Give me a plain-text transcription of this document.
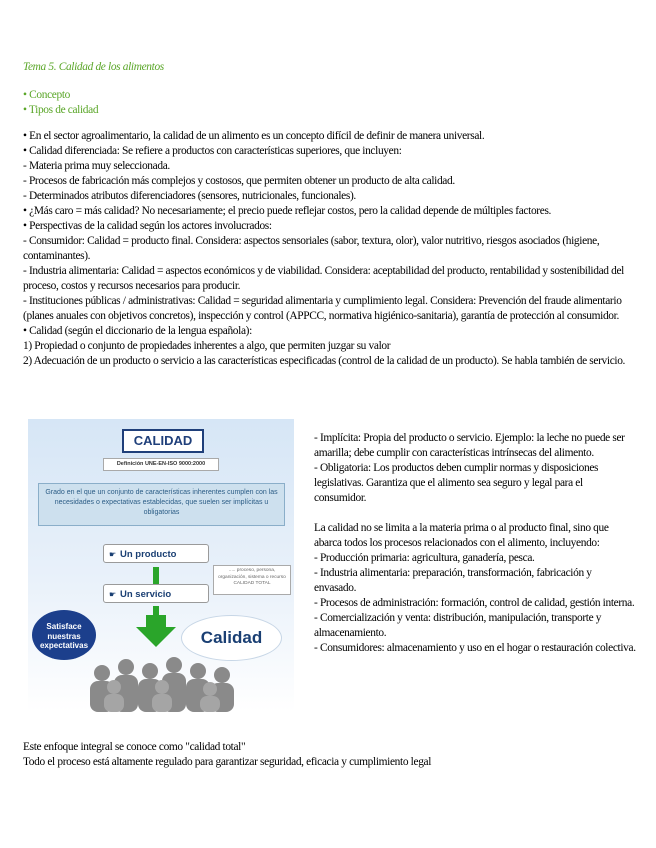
Tema 5. Calidad de los alimentos
• Concepto
• Tipos de calidad

• En el sector agroalimentario, la calidad de un alimento es un concepto difícil de definir de manera universal.

• Calidad diferenciada: Se refiere a productos con características superiores, que incluyen:

- Materia prima muy seleccionada.

- Procesos de fabricación más complejos y costosos, que permiten obtener un producto de alta calidad.

- Determinados atributos diferenciadores (sensores, nutricionales, funcionales).

• ¿Más caro = más calidad? No necesariamente; el precio puede reflejar costos, pero la calidad depende de múltiples factores.

• Perspectivas de la calidad según los actores involucrados:

- Consumidor: Calidad = producto final. Considera: aspectos sensoriales (sabor, textura, olor), valor nutritivo, riesgos asociados (higiene, contaminantes).

- Industria alimentaria: Calidad = aspectos económicos y de viabilidad. Considera: aceptabilidad del producto, rentabilidad y sostenibilidad del proceso, costos y recursos necesarios para producir.

- Instituciones públicas / administrativas: Calidad = seguridad alimentaria y cumplimiento legal. Considera: Prevención del fraude alimentario (planes anuales con objetivos concretos), inspección y control (APPCC, normativa higiénico-sanitaria), garantía de protección al consumidor.

• Calidad (según el diccionario de la lengua española):

1) Propiedad o conjunto de propiedades inherentes a algo, que permiten juzgar su valor

2) Adecuación de un producto o servicio a las características especificadas (control de la calidad de un producto). Se habla también de servicio.

CALIDAD
Definición UNE-EN-ISO 9000:2000
Grado en el que un conjunto de características inherentes cumplen con las necesidades o expectativas establecidas, que suelen ser implícitas u obligatorias
☛ Un producto
☛ Un servicio
..... proceso, persona, organización, sistema o recurso CALIDAD TOTAL
Satisface nuestras expectativas	Calidad

- Implícita: Propia del producto o servicio. Ejemplo: la leche no puede ser amarilla; debe cumplir con características intrínsecas del alimento.

- Obligatoria: Los productos deben cumplir normas y disposiciones legislativas. Garantiza que el alimento sea seguro y legal para el consumidor.

La calidad no se limita a la materia prima o al producto final, sino que abarca todos los procesos relacionados con el alimento, incluyendo:

- Producción primaria: agricultura, ganadería, pesca.

- Industria alimentaria: preparación, transformación, fabricación y envasado.

- Procesos de administración: formación, control de calidad, gestión interna.

- Comercialización y venta: distribución, manipulación, transporte y almacenamiento.

- Consumidores: almacenamiento y uso en el hogar o restauración colectiva.

Este enfoque integral se conoce como "calidad total"

Todo el proceso está altamente regulado para garantizar seguridad, eficacia y cumplimiento legal
